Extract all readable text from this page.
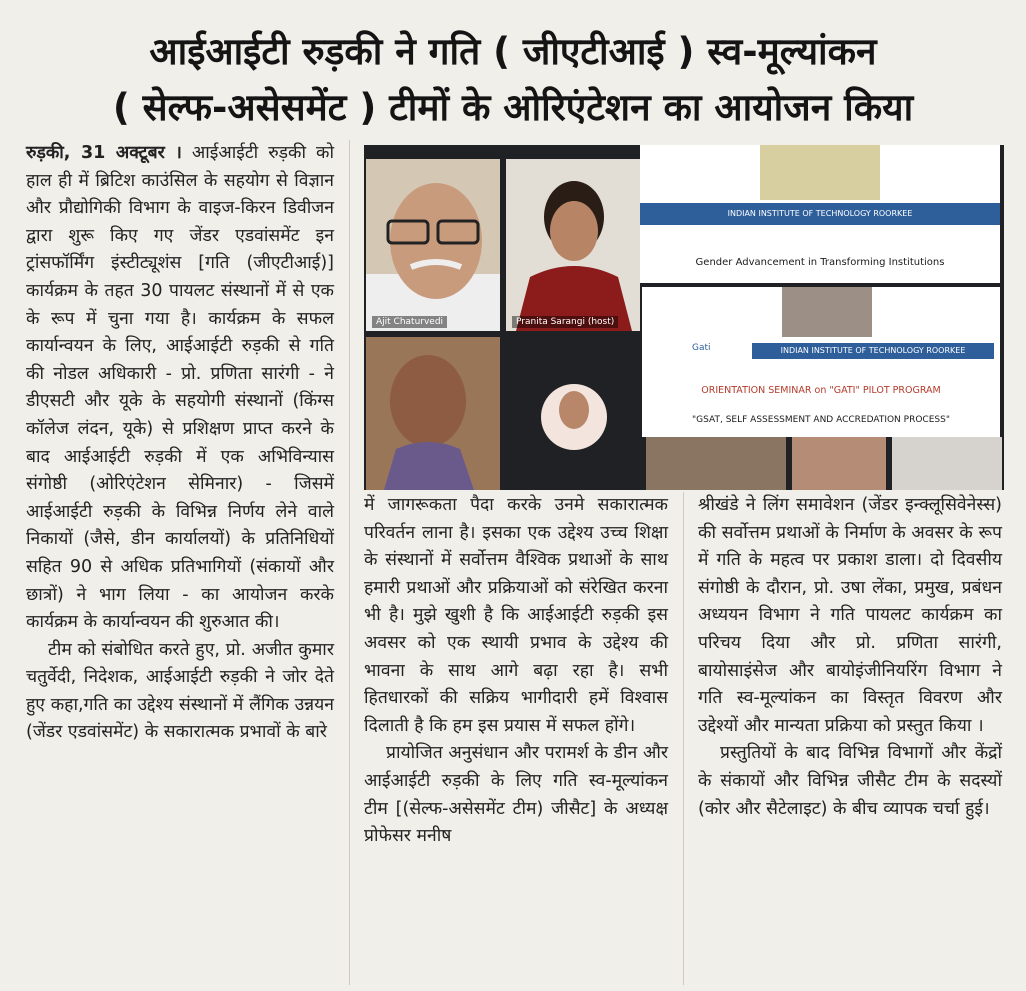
आईआईटी रुड़की ने गति ( जीएटीआई ) स्व-मूल्यांकन
( सेल्फ-असेसमेंट ) टीमों के ओरिएंटेशन का आयोजन किया

रुड़की, 31 अक्टूबर । आईआईटी रुड़की को हाल ही में ब्रिटिश काउंसिल के सहयोग से विज्ञान और प्रौद्योगिकी विभाग के वाइज-किरन डिवीजन द्वारा शुरू किए गए जेंडर एडवांसमेंट इन ट्रांसफॉर्मिंग इंस्टीट्यूशंस [गति (जीएटीआई)] कार्यक्रम के तहत 30 पायलट संस्थानों में से एक के रूप में चुना गया है। कार्यक्रम के सफल कार्यान्वयन के लिए, आईआईटी रुड़की से गति की नोडल अधिकारी - प्रो. प्रणिता सारंगी - ने डीएसटी और यूके के सहयोगी संस्थानों (किंग्स कॉलेज लंदन, यूके) से प्रशिक्षण प्राप्त करने के बाद आईआईटी रुड़की में एक अभिविन्यास संगोष्ठी (ओरिएंटेशन सेमिनार) - जिसमें आईआईटी रुड़की के विभिन्न निर्णय लेने वाले निकायों (जैसे, डीन कार्यालयों) के प्रतिनिधियों सहित 90 से अधिक प्रतिभागियों (संकायों और छात्रों) ने भाग लिया - का आयोजन करके कार्यक्रम के कार्यान्वयन की शुरुआत की।

टीम को संबोधित करते हुए, प्रो. अजीत कुमार चतुर्वेदी, निदेशक, आईआईटी रुड़की ने जोर देते हुए कहा,गति का उद्देश्य संस्थानों में लैंगिक उन्नयन (जेंडर एडवांसमेंट) के सकारात्मक प्रभावों के बारे

Ajit Chaturvedi	Pranita Sarangi (host)
INDIAN INSTITUTE OF TECHNOLOGY ROORKEE
Gender Advancement in Transforming Institutions
Gati	INDIAN INSTITUTE OF TECHNOLOGY ROORKEE
ORIENTATION SEMINAR on "GATI" PILOT PROGRAM
"GSAT, SELF ASSESSMENT AND ACCREDATION PROCESS"

में जागरूकता पैदा करके उनमे सकारात्मक परिवर्तन लाना है। इसका एक उद्देश्य उच्च शिक्षा के संस्थानों में सर्वोत्तम वैश्विक प्रथाओं के साथ हमारी प्रथाओं और प्रक्रियाओं को संरेखित करना भी है। मुझे खुशी है कि आईआईटी रुड़की इस अवसर को एक स्थायी प्रभाव के उद्देश्य की भावना के साथ आगे बढ़ा रहा है। सभी हितधारकों की सक्रिय भागीदारी हमें विश्वास दिलाती है कि हम इस प्रयास में सफल होंगे।

प्रायोजित अनुसंधान और परामर्श के डीन और आईआईटी रुड़की के लिए गति स्व-मूल्यांकन टीम [(सेल्फ-असेसमेंट टीम) जीसैट] के अध्यक्ष प्रोफेसर मनीष

श्रीखंडे ने लिंग समावेशन (जेंडर इन्क्लूसिवेनेस्स) की सर्वोत्तम प्रथाओं के निर्माण के अवसर के रूप में गति के महत्व पर प्रकाश डाला। दो दिवसीय संगोष्ठी के दौरान, प्रो. उषा लेंका, प्रमुख, प्रबंधन अध्ययन विभाग ने गति पायलट कार्यक्रम का परिचय दिया और प्रो. प्रणिता सारंगी, बायोसाइंसेज और बायोइंजीनियरिंग विभाग ने गति स्व-मूल्यांकन का विस्तृत विवरण और उद्देश्यों और मान्यता प्रक्रिया को प्रस्तुत किया ।

प्रस्तुतियों के बाद विभिन्न विभागों और केंद्रों के संकायों और विभिन्न जीसैट टीम के सदस्यों (कोर और सैटेलाइट) के बीच व्यापक चर्चा हुई।
